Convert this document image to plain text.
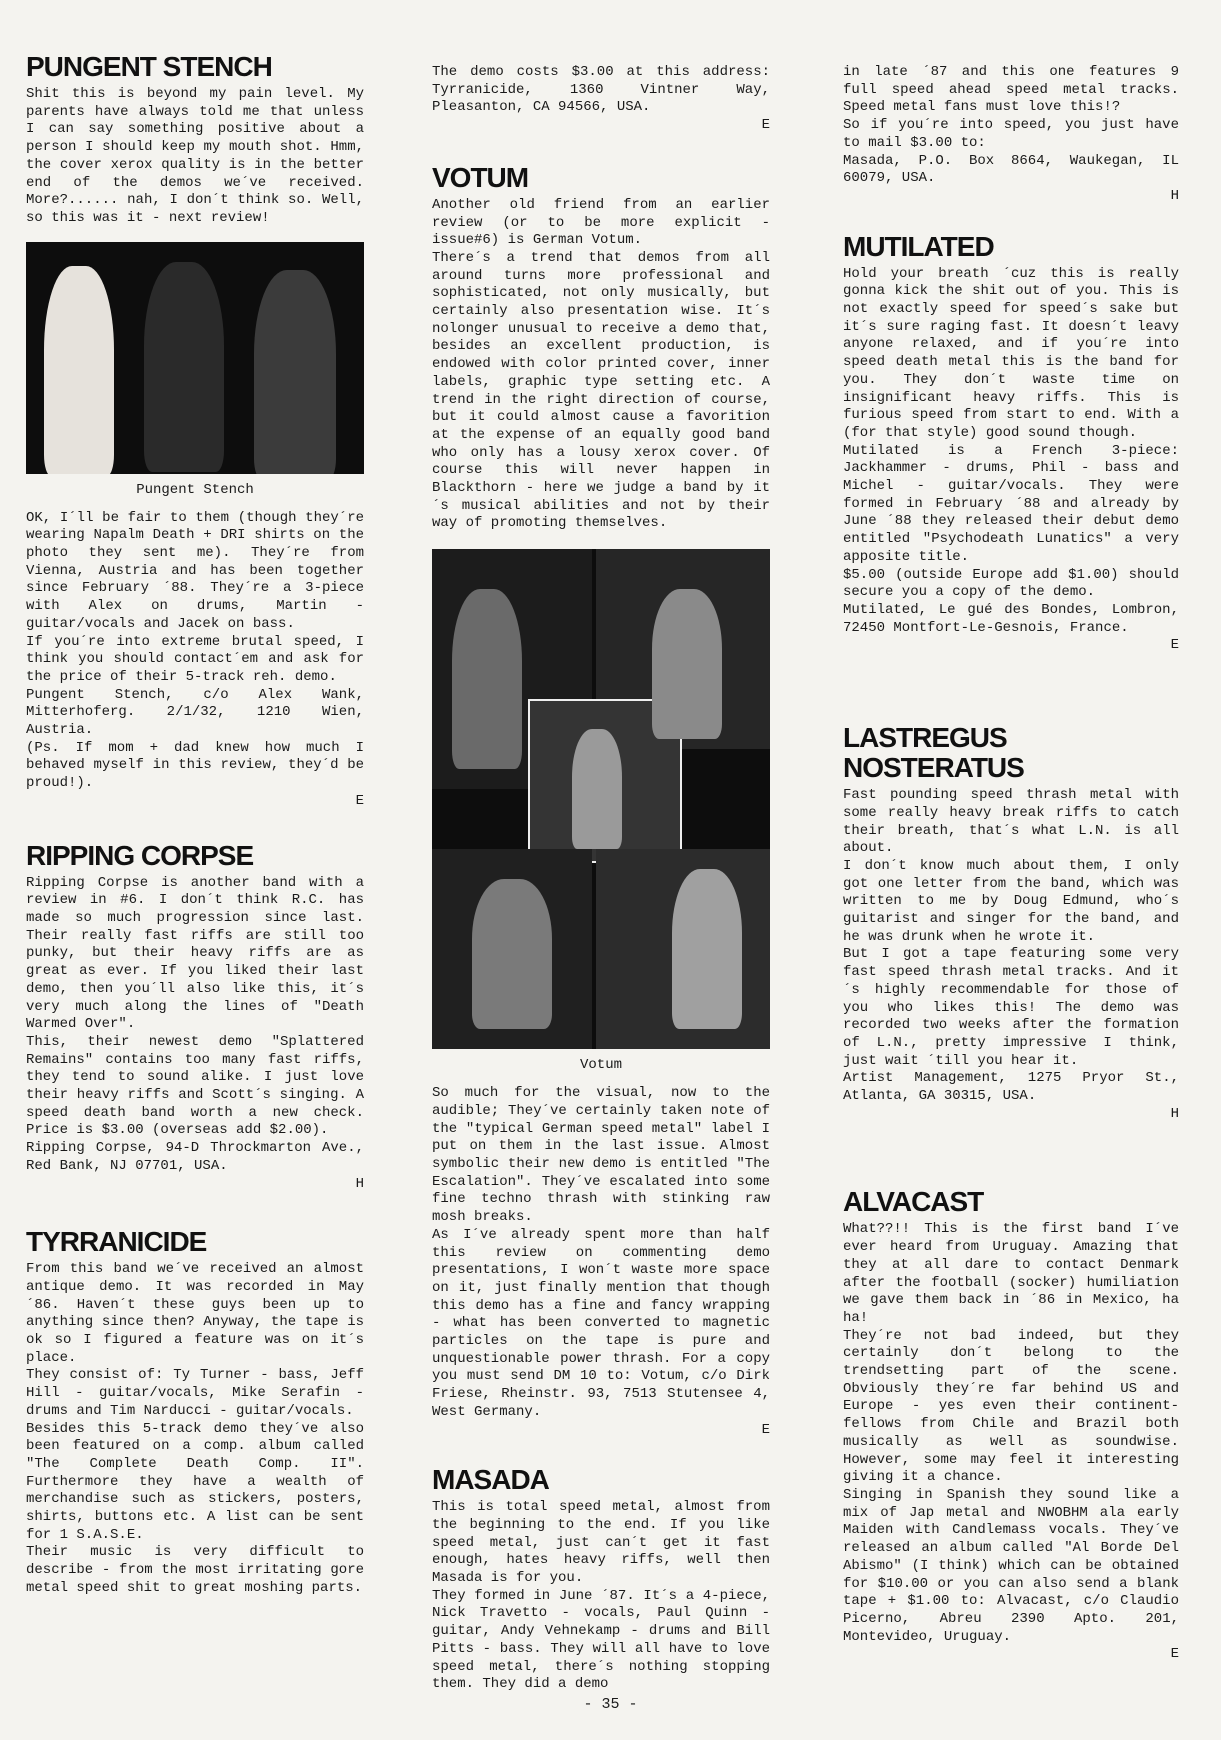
PUNGENT STENCH

Shit this is beyond my pain level. My parents have always told me that unless I can say something positive about a person I should keep my mouth shot. Hmm, the cover xerox quality is in the better end of the demos we´ve received. More?...... nah, I don´t think so. Well, so this was it - next review!

Pungent Stench

OK, I´ll be fair to them (though they´re wearing Napalm Death + DRI shirts on the photo they sent me). They´re from Vienna, Austria and has been together since February ´88. They´re a 3-piece with Alex on drums, Martin - guitar/vocals and Jacek on bass.
If you´re into extreme brutal speed, I think you should contact´em and ask for the price of their 5-track reh. demo.
Pungent Stench, c/o Alex Wank, Mitterhoferg. 2/1/32, 1210 Wien, Austria.
(Ps. If mom + dad knew how much I behaved myself in this review, they´d be proud!).

E
RIPPING CORPSE

Ripping Corpse is another band with a review in #6. I don´t think R.C. has made so much progression since last. Their really fast riffs are still too punky, but their heavy riffs are as great as ever. If you liked their last demo, then you´ll also like this, it´s very much along the lines of "Death Warmed Over".
This, their newest demo "Splattered Remains" contains too many fast riffs, they tend to sound alike. I just love their heavy riffs and Scott´s singing. A speed death band worth a new check. Price is $3.00 (overseas add $2.00).
Ripping Corpse, 94-D Throckmarton Ave., Red Bank, NJ 07701, USA.

H
TYRRANICIDE

From this band we´ve received an almost antique demo. It was recorded in May ´86. Haven´t these guys been up to anything since then? Anyway, the tape is ok so I figured a feature was on it´s place.
They consist of: Ty Turner - bass, Jeff Hill - guitar/vocals, Mike Serafin - drums and Tim Narducci - guitar/vocals.
Besides this 5-track demo they´ve also been featured on a comp. album called "The Complete Death Comp. II". Furthermore they have a wealth of merchandise such as stickers, posters, shirts, buttons etc. A list can be sent for 1 S.A.S.E.
Their music is very difficult to describe - from the most irritating gore metal speed shit to great moshing parts.

The demo costs $3.00 at this address: Tyrranicide, 1360 Vintner Way, Pleasanton, CA 94566, USA.

E
VOTUM

Another old friend from an earlier review (or to be more explicit - issue#6) is German Votum.
There´s a trend that demos from all around turns more professional and sophisticated, not only musically, but certainly also presentation wise. It´s nolonger unusual to receive a demo that, besides an excellent production, is endowed with color printed cover, inner labels, graphic type setting etc. A trend in the right direction of course, but it could almost cause a favorition at the expense of an equally good band who only has a lousy xerox cover. Of course this will never happen in Blackthorn - here we judge a band by it´s musical abilities and not by their way of promoting themselves.

Votum

So much for the visual, now to the audible; They´ve certainly taken note of the "typical German speed metal" label I put on them in the last issue. Almost symbolic their new demo is entitled "The Escalation". They´ve escalated into some fine techno thrash with stinking raw mosh breaks.
As I´ve already spent more than half this review on commenting demo presentations, I won´t waste more space on it, just finally mention that though this demo has a fine and fancy wrapping - what has been converted to magnetic particles on the tape is pure and unquestionable power thrash. For a copy you must send DM 10 to: Votum, c/o Dirk Friese, Rheinstr. 93, 7513 Stutensee 4, West Germany.

E
MASADA

This is total speed metal, almost from the beginning to the end. If you like speed metal, just can´t get it fast enough, hates heavy riffs, well then Masada is for you.
They formed in June ´87. It´s a 4-piece, Nick Travetto - vocals, Paul Quinn - guitar, Andy Vehnekamp - drums and Bill Pitts - bass. They will all have to love speed metal, there´s nothing stopping them. They did a demo

in late ´87 and this one features 9 full speed ahead speed metal tracks. Speed metal fans must love this!?
So if you´re into speed, you just have to mail $3.00 to:
Masada, P.O. Box 8664, Waukegan, IL 60079, USA.

H
MUTILATED

Hold your breath ´cuz this is really gonna kick the shit out of you. This is not exactly speed for speed´s sake but it´s sure raging fast. It doesn´t leavy anyone relaxed, and if you´re into speed death metal this is the band for you. They don´t waste time on insignificant heavy riffs. This is furious speed from start to end. With a (for that style) good sound though.
Mutilated is a French 3-piece: Jackhammer - drums, Phil - bass and Michel - guitar/vocals. They were formed in February ´88 and already by June ´88 they released their debut demo entitled "Psychodeath Lunatics" a very apposite title.
$5.00 (outside Europe add $1.00) should secure you a copy of the demo.
Mutilated, Le gué des Bondes, Lombron, 72450 Montfort-Le-Gesnois, France.

E
LASTREGUS NOSTERATUS

Fast pounding speed thrash metal with some really heavy break riffs to catch their breath, that´s what L.N. is all about.
I don´t know much about them, I only got one letter from the band, which was written to me by Doug Edmund, who´s guitarist and singer for the band, and he was drunk when he wrote it.
But I got a tape featuring some very fast speed thrash metal tracks. And it´s highly recommendable for those of you who likes this! The demo was recorded two weeks after the formation of L.N., pretty impressive I think, just wait ´till you hear it.
Artist Management, 1275 Pryor St., Atlanta, GA 30315, USA.

H
ALVACAST

What??!! This is the first band I´ve ever heard from Uruguay. Amazing that they at all dare to contact Denmark after the football (socker) humiliation we gave them back in ´86 in Mexico, ha ha!
They´re not bad indeed, but they certainly don´t belong to the trendsetting part of the scene. Obviously they´re far behind US and Europe - yes even their continent-fellows from Chile and Brazil both musically as well as soundwise. However, some may feel it interesting giving it a chance.
Singing in Spanish they sound like a mix of Jap metal and NWOBHM ala early Maiden with Candlemass vocals. They´ve released an album called "Al Borde Del Abismo" (I think) which can be obtained for $10.00 or you can also send a blank tape + $1.00 to: Alvacast, c/o Claudio Picerno, Abreu 2390 Apto. 201, Montevideo, Uruguay.

E
- 35 -
